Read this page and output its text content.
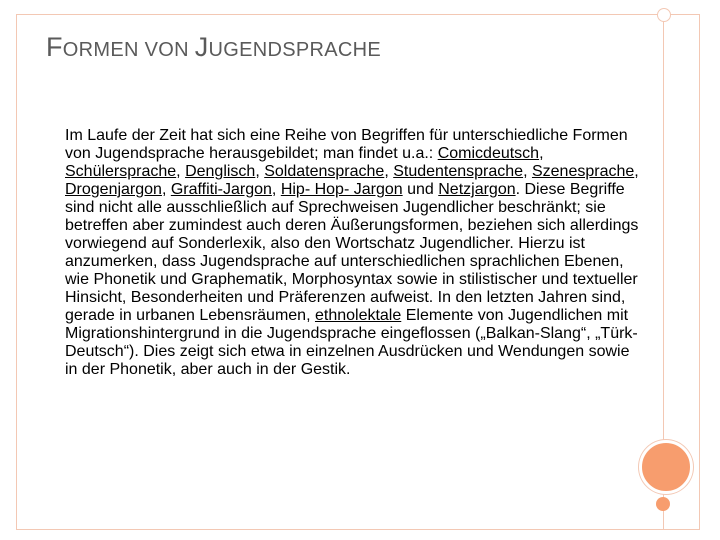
FORMEN VON JUGENDSPRACHE
Im Laufe der Zeit hat sich eine Reihe von Begriffen für unterschiedliche Formen von Jugendsprache herausgebildet; man findet u.a.: Comicdeutsch, Schülersprache, Denglisch, Soldatensprache, Studentensprache, Szenesprache, Drogenjargon, Graffiti-Jargon, Hip- Hop- Jargon und Netzjargon. Diese Begriffe sind nicht alle ausschließlich auf Sprechweisen Jugendlicher beschränkt; sie betreffen aber zumindest auch deren Äußerungsformen, beziehen sich allerdings vorwiegend auf Sonderlexik, also den Wortschatz Jugendlicher. Hierzu ist anzumerken, dass Jugendsprache auf unterschiedlichen sprachlichen Ebenen, wie Phonetik und Graphematik, Morphosyntax sowie in stilistischer und textueller Hinsicht, Besonderheiten und Präferenzen aufweist. In den letzten Jahren sind, gerade in urbanen Lebensräumen, ethnolektale Elemente von Jugendlichen mit Migrationshintergrund in die Jugendsprache eingeflossen („Balkan-Slang“, „Türk-Deutsch“). Dies zeigt sich etwa in einzelnen Ausdrücken und Wendungen sowie in der Phonetik, aber auch in der Gestik.
